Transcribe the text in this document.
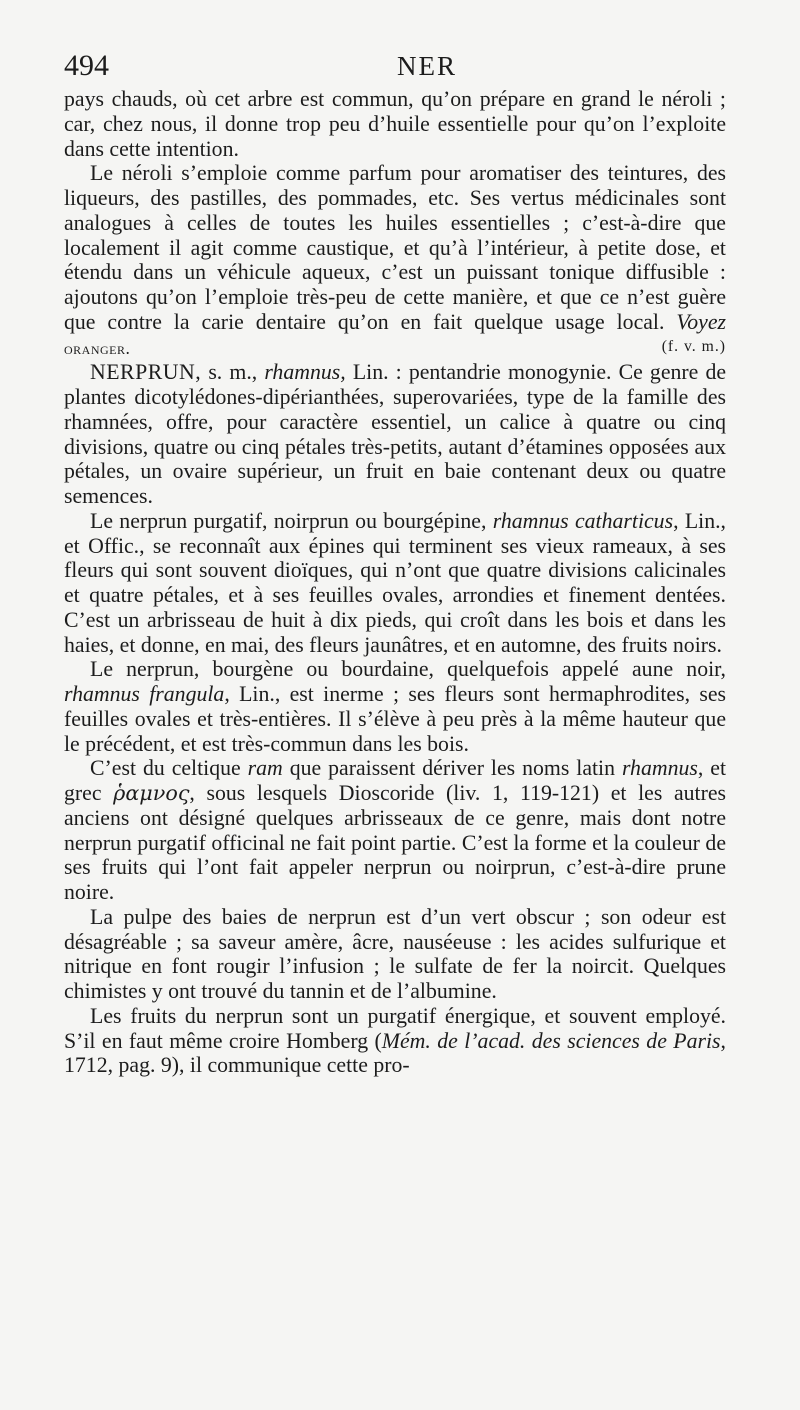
494	NER

pays chauds, où cet arbre est commun, qu’on prépare en grand le néroli ; car, chez nous, il donne trop peu d’huile essentielle pour qu’on l’exploite dans cette intention.

Le néroli s’emploie comme parfum pour aromatiser des teintures, des liqueurs, des pastilles, des pommades, etc. Ses vertus médicinales sont analogues à celles de toutes les huiles essentielles ; c’est-à-dire que localement il agit comme caustique, et qu’à l’intérieur, à petite dose, et étendu dans un véhicule aqueux, c’est un puissant tonique diffusible : ajoutons qu’on l’emploie très-peu de cette manière, et que ce n’est guère que contre la carie dentaire qu’on en fait quelque usage local. Voyez oranger.	(f. v. m.)

NERPRUN, s. m., rhamnus, Lin. : pentandrie monogynie. Ce genre de plantes dicotylédones-dipérianthées, superovariées, type de la famille des rhamnées, offre, pour caractère essentiel, un calice à quatre ou cinq divisions, quatre ou cinq pétales très-petits, autant d’étamines opposées aux pétales, un ovaire supérieur, un fruit en baie contenant deux ou quatre semences.

Le nerprun purgatif, noirprun ou bourgépine, rhamnus catharticus, Lin., et Offic., se reconnaît aux épines qui terminent ses vieux rameaux, à ses fleurs qui sont souvent dioïques, qui n’ont que quatre divisions calicinales et quatre pétales, et à ses feuilles ovales, arrondies et finement dentées. C’est un arbrisseau de huit à dix pieds, qui croît dans les bois et dans les haies, et donne, en mai, des fleurs jaunâtres, et en automne, des fruits noirs.

Le nerprun, bourgène ou bourdaine, quelquefois appelé aune noir, rhamnus frangula, Lin., est inerme ; ses fleurs sont hermaphrodites, ses feuilles ovales et très-entières. Il s’élève à peu près à la même hauteur que le précédent, et est très-commun dans les bois.

C’est du celtique ram que paraissent dériver les noms latin rhamnus, et grec ῥαμνος, sous lesquels Dioscoride (liv. 1, 119-121) et les autres anciens ont désigné quelques arbrisseaux de ce genre, mais dont notre nerprun purgatif officinal ne fait point partie. C’est la forme et la couleur de ses fruits qui l’ont fait appeler nerprun ou noirprun, c’est-à-dire prune noire.

La pulpe des baies de nerprun est d’un vert obscur ; son odeur est désagréable ; sa saveur amère, âcre, nauséeuse : les acides sulfurique et nitrique en font rougir l’infusion ; le sulfate de fer la noircit. Quelques chimistes y ont trouvé du tannin et de l’albumine.

Les fruits du nerprun sont un purgatif énergique, et souvent employé. S’il en faut même croire Homberg (Mém. de l’acad. des sciences de Paris, 1712, pag. 9), il communique cette pro-
